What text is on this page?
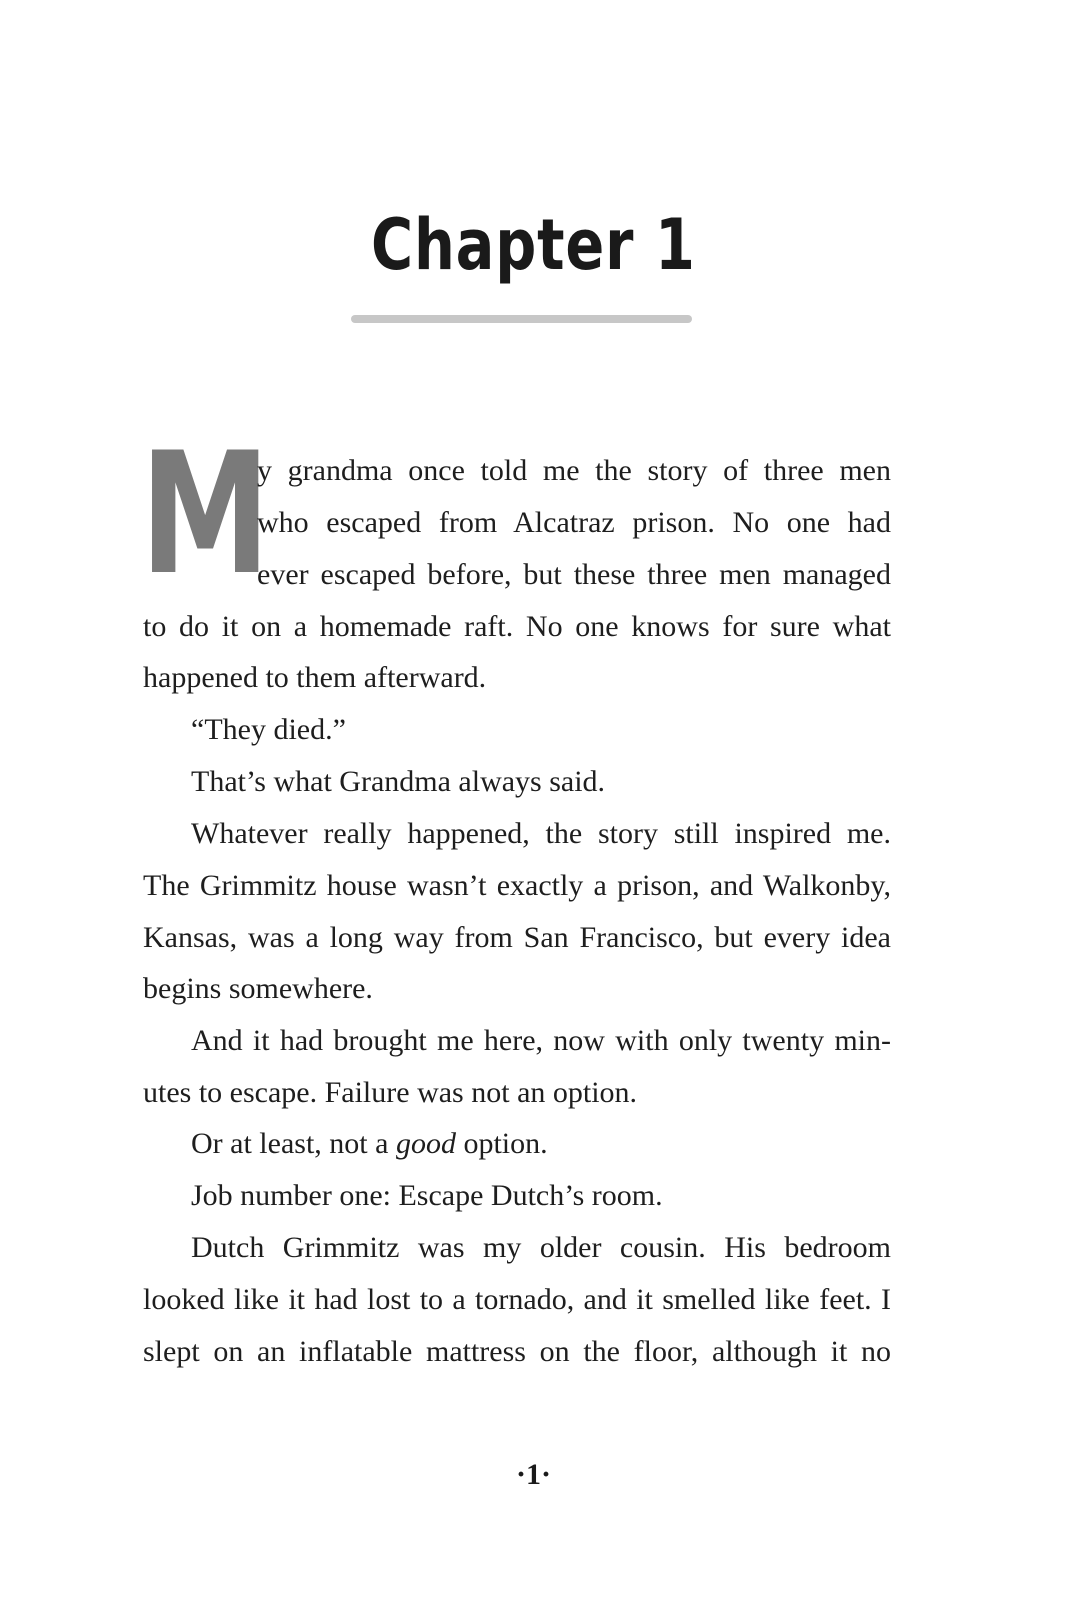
Chapter 1
M
y grandma once told me the story of three men
who escaped from Alcatraz prison. No one had
ever escaped before, but these three men managed
to do it on a homemade raft. No one knows for sure what
happened to them afterward.
“They died.”
That’s what Grandma always said.
Whatever really happened, the story still inspired me.
The Grimmitz house wasn’t exactly a prison, and Walkonby,
Kansas, was a long way from San Francisco, but every idea
begins somewhere.
And it had brought me here, now with only twenty min-
utes to escape. Failure was not an option.
Or at least, not a good option.
Job number one: Escape Dutch’s room.
Dutch Grimmitz was my older cousin. His bedroom
looked like it had lost to a tornado, and it smelled like feet. I
slept on an inflatable mattress on the floor, although it no
·1·
